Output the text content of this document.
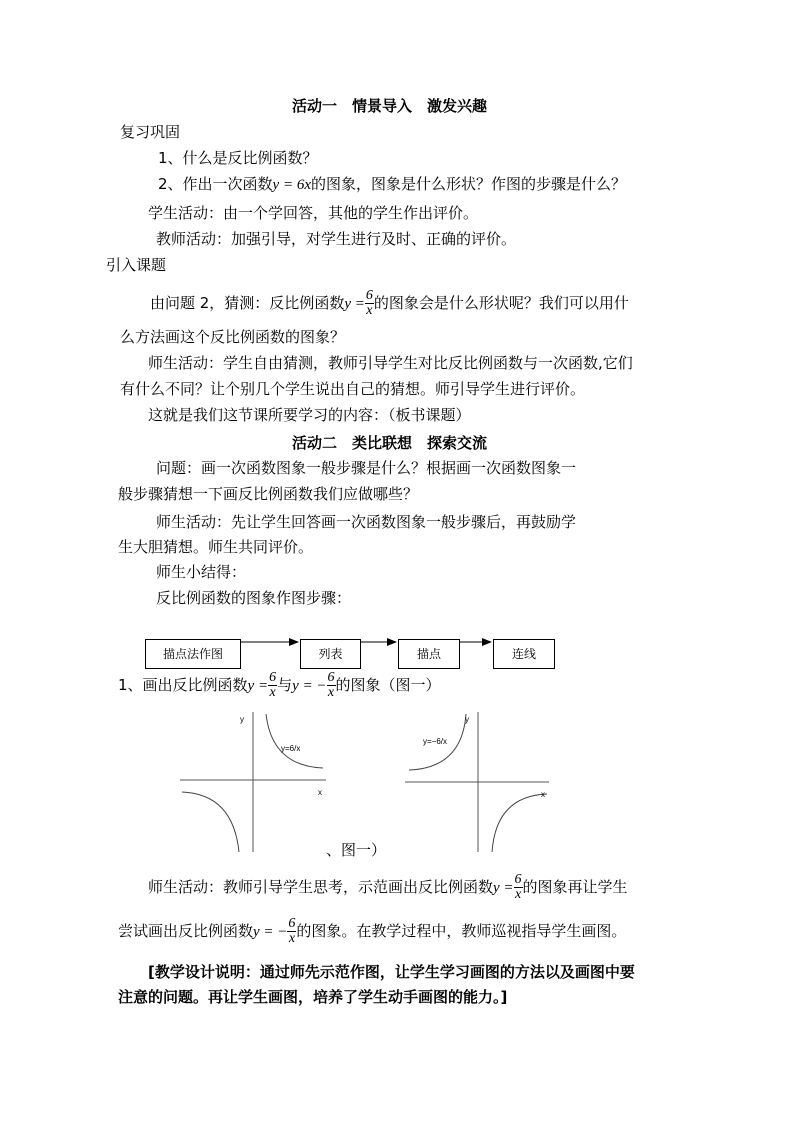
活动一　情景导入　激发兴趣
复习巩固
1、什么是反比例函数？
2、作出一次函数y = 6x的图象，图象是什么形状？作图的步骤是什么？
学生活动：由一个学回答，其他的学生作出评价。
教师活动：加强引导，对学生进行及时、正确的评价。
引入课题
由问题 2，猜测：反比例函数$y = \frac{6}{x}$ 的图象会是什么形状呢？我们可以用什
么方法画这个反比例函数的图象？
师生活动：学生自由猜测，教师引导学生对比反比例函数与一次函数,它们
有什么不同？让个别几个学生说出自己的猜想。师引导学生进行评价。
这就是我们这节课所要学习的内容：（板书课题）
活动二　类比联想　探索交流
问题：画一次函数图象一般步骤是什么？根据画一次函数图象一
般步骤猜想一下画反比例函数我们应做哪些？
师生活动：先让学生回答画一次函数图象一般步骤后，再鼓励学
生大胆猜想。师生共同评价。
师生小结得：
反比例函数的图象作图步骤：
描点法作图	列表	描点	连线
1、画出反比例函数$y = \frac{6}{x}$ 与y = − $\frac{6}{x}$ 的图象（图一）
x
y
y=6/x
x
y
y=−6/x
、图一）
师生活动：教师引导学生思考，示范画出反比例函数$y = \frac{6}{x}$ 的图象再让学生
尝试画出反比例函数y = − $\frac{6}{x}$ 的图象。在教学过程中，教师巡视指导学生画图。
[教学设计说明：通过师先示范作图，让学生学习画图的方法以及画图中要
注意的问题。再让学生画图，培养了学生动手画图的能力。]
